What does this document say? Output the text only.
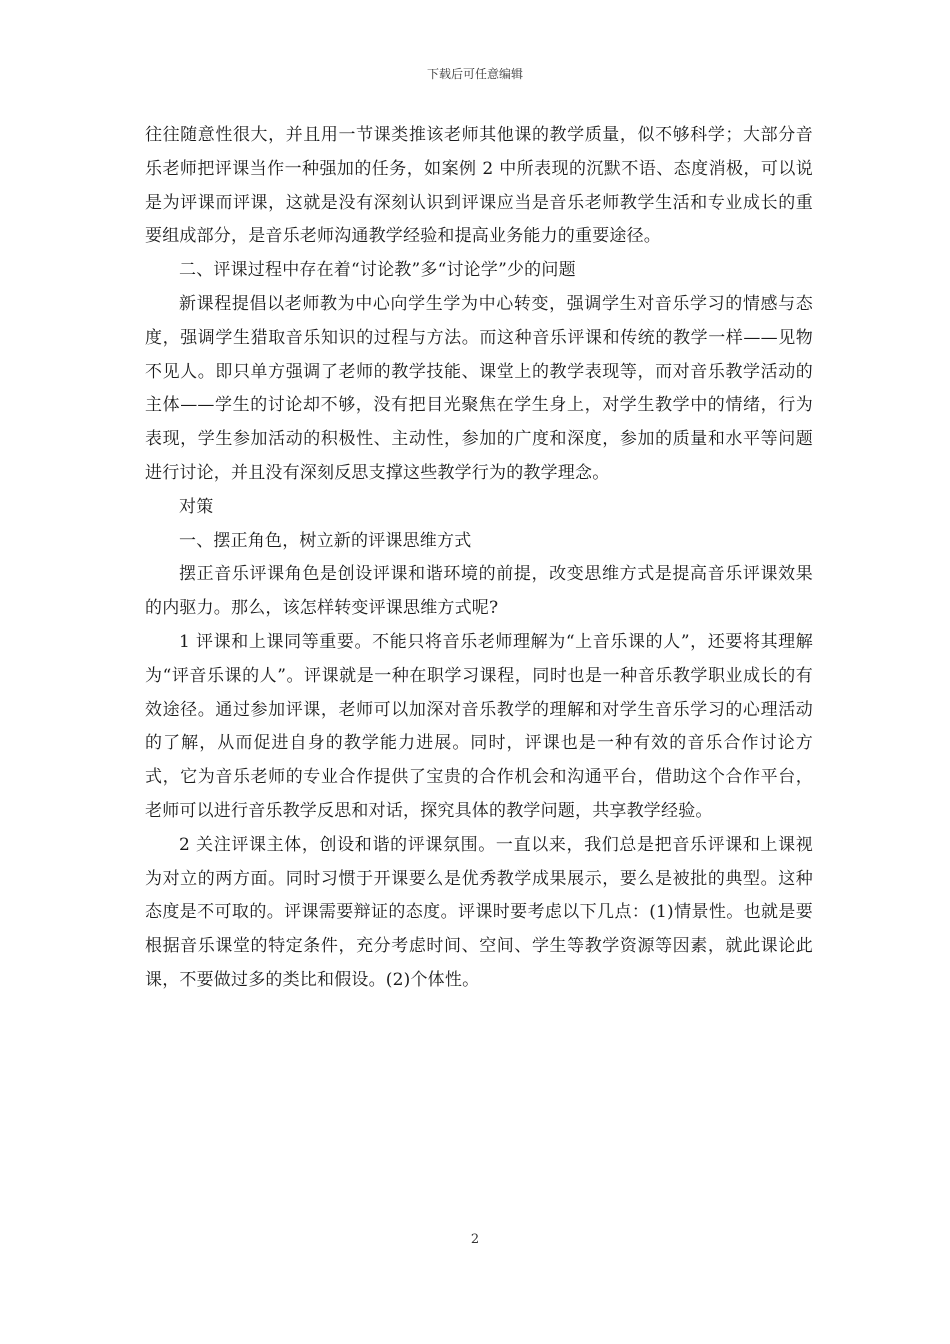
下载后可任意编辑

往往随意性很大，并且用一节课类推该老师其他课的教学质量，似不够科学；大部分音乐老师把评课当作一种强加的任务，如案例 2 中所表现的沉默不语、态度消极，可以说是为评课而评课，这就是没有深刻认识到评课应当是音乐老师教学生活和专业成长的重要组成部分，是音乐老师沟通教学经验和提高业务能力的重要途径。

二、评课过程中存在着“讨论教”多“讨论学”少的问题

新课程提倡以老师教为中心向学生学为中心转变，强调学生对音乐学习的情感与态度，强调学生猎取音乐知识的过程与方法。而这种音乐评课和传统的教学一样——见物不见人。即只单方强调了老师的教学技能、课堂上的教学表现等，而对音乐教学活动的主体——学生的讨论却不够，没有把目光聚焦在学生身上，对学生教学中的情绪，行为表现，学生参加活动的积极性、主动性，参加的广度和深度，参加的质量和水平等问题进行讨论，并且没有深刻反思支撑这些教学行为的教学理念。

对策

一、摆正角色，树立新的评课思维方式

摆正音乐评课角色是创设评课和谐环境的前提，改变思维方式是提高音乐评课效果的内驱力。那么，该怎样转变评课思维方式呢?

1 评课和上课同等重要。不能只将音乐老师理解为“上音乐课的人”，还要将其理解为“评音乐课的人”。评课就是一种在职学习课程，同时也是一种音乐教学职业成长的有效途径。通过参加评课，老师可以加深对音乐教学的理解和对学生音乐学习的心理活动的了解，从而促进自身的教学能力进展。同时，评课也是一种有效的音乐合作讨论方式，它为音乐老师的专业合作提供了宝贵的合作机会和沟通平台，借助这个合作平台，老师可以进行音乐教学反思和对话，探究具体的教学问题，共享教学经验。

2 关注评课主体，创设和谐的评课氛围。一直以来，我们总是把音乐评课和上课视为对立的两方面。同时习惯于开课要么是优秀教学成果展示，要么是被批的典型。这种态度是不可取的。评课需要辩证的态度。评课时要考虑以下几点：(1)情景性。也就是要根据音乐课堂的特定条件，充分考虑时间、空间、学生等教学资源等因素，就此课论此课，不要做过多的类比和假设。(2)个体性。

2
